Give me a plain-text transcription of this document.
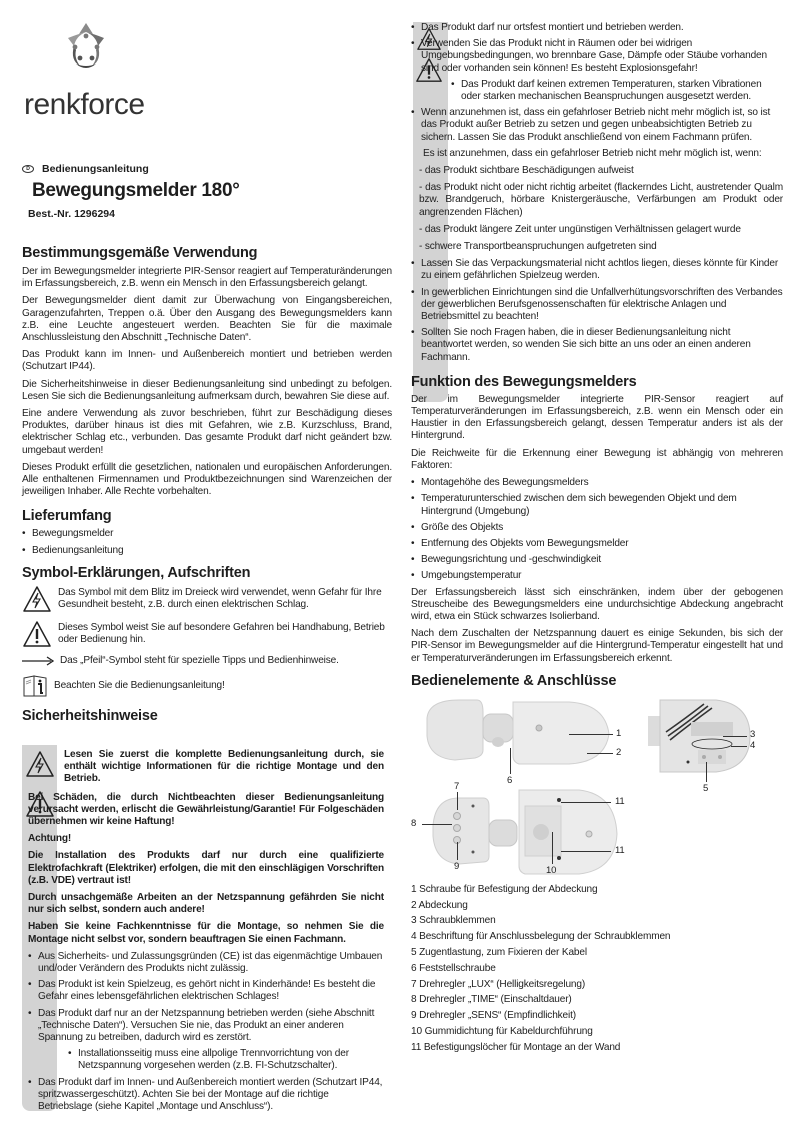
renkforce
D	Bedienungsanleitung
Bewegungsmelder 180°
Best.-Nr. 1296294
Bestimmungsgemäße Verwendung
Der im Bewegungsmelder integrierte PIR-Sensor reagiert auf Temperaturänderungen im Erfassungsbereich, z.B. wenn ein Mensch in den Erfassungsbereich gelangt.
Der Bewegungsmelder dient damit zur Überwachung von Eingangsbereichen, Garagenzufahrten, Treppen o.ä. Über den Ausgang des Bewegungsmelders kann z.B. eine Leuchte angesteuert werden. Beachten Sie für die maximale Anschlussleistung den Abschnitt „Technische Daten“.
Das Produkt kann im Innen- und Außenbereich montiert und betrieben werden (Schutzart IP44).
Die Sicherheitshinweise in dieser Bedienungsanleitung sind unbedingt zu befolgen. Lesen Sie sich die Bedienungsanleitung aufmerksam durch, bewahren Sie diese auf.
Eine andere Verwendung als zuvor beschrieben, führt zur Beschädigung dieses Produktes, darüber hinaus ist dies mit Gefahren, wie z.B. Kurzschluss, Brand, elektrischer Schlag etc., verbunden. Das gesamte Produkt darf nicht geändert bzw. umgebaut werden!
Dieses Produkt erfüllt die gesetzlichen, nationalen und europäischen Anforderungen. Alle enthaltenen Firmennamen und Produktbezeichnungen sind Warenzeichen der jeweiligen Inhaber. Alle Rechte vorbehalten.
Lieferumfang
• Bewegungsmelder
• Bedienungsanleitung
Symbol-Erklärungen, Aufschriften
Das Symbol mit dem Blitz im Dreieck wird verwendet, wenn Gefahr für Ihre Gesundheit besteht, z.B. durch einen elektrischen Schlag.
Dieses Symbol weist Sie auf besondere Gefahren bei Handhabung, Betrieb oder Bedienung hin.
Das „Pfeil“-Symbol steht für spezielle Tipps und Bedienhinweise.
Beachten Sie die Bedienungsanleitung!
Sicherheitshinweise
Lesen Sie zuerst die komplette Bedienungsanleitung durch, sie enthält wichtige Informationen für die richtige Montage und den Betrieb.
Bei Schäden, die durch Nichtbeachten dieser Bedienungsanleitung verursacht werden, erlischt die Gewährleistung/Garantie! Für Folgeschäden übernehmen wir keine Haftung!
Achtung!
Die Installation des Produkts darf nur durch eine qualifizierte Elektrofachkraft (Elektriker) erfolgen, die mit den einschlägigen Vorschriften (z.B. VDE) vertraut ist!
Durch unsachgemäße Arbeiten an der Netzspannung gefährden Sie nicht nur sich selbst, sondern auch andere!
Haben Sie keine Fachkenntnisse für die Montage, so nehmen Sie die Montage nicht selbst vor, sondern beauftragen Sie einen Fachmann.
• Aus Sicherheits- und Zulassungsgründen (CE) ist das eigenmächtige Umbauen und/oder Verändern des Produkts nicht zulässig.
• Das Produkt ist kein Spielzeug, es gehört nicht in Kinderhände! Es besteht die Gefahr eines lebensgefährlichen elektrischen Schlages!
• Das Produkt darf nur an der Netzspannung betrieben werden (siehe Abschnitt „Technische Daten“). Versuchen Sie nie, das Produkt an einer anderen Spannung zu betreiben, dadurch wird es zerstört.
• Installationsseitig muss eine allpolige Trennvorrichtung von der Netzspannung vorgesehen werden (z.B. FI-Schutzschalter).
• Das Produkt darf im Innen- und Außenbereich montiert werden (Schutzart IP44, spritzwassergeschützt). Achten Sie bei der Montage auf die richtige Betriebslage (siehe Kapitel „Montage und Anschluss“).
• Das Produkt darf nur ortsfest montiert und betrieben werden.
• Verwenden Sie das Produkt nicht in Räumen oder bei widrigen Umgebungsbedingungen, wo brennbare Gase, Dämpfe oder Stäube vorhanden sind oder vorhanden sein können! Es besteht Explosionsgefahr!
• Das Produkt darf keinen extremen Temperaturen, starken Vibrationen oder starken mechanischen Beanspruchungen ausgesetzt werden.
• Wenn anzunehmen ist, dass ein gefahrloser Betrieb nicht mehr möglich ist, so ist das Produkt außer Betrieb zu setzen und gegen unbeabsichtigten Betrieb zu sichern. Lassen Sie das Produkt anschließend von einem Fachmann prüfen.
Es ist anzunehmen, dass ein gefahrloser Betrieb nicht mehr möglich ist, wenn:
- das Produkt sichtbare Beschädigungen aufweist
- das Produkt nicht oder nicht richtig arbeitet (flackerndes Licht, austretender Qualm bzw. Brandgeruch, hörbare Knistergeräusche, Verfärbungen am Produkt oder angrenzenden Flächen)
- das Produkt längere Zeit unter ungünstigen Verhältnissen gelagert wurde
- schwere Transportbeanspruchungen aufgetreten sind
• Lassen Sie das Verpackungsmaterial nicht achtlos liegen, dieses könnte für Kinder zu einem gefährlichen Spielzeug werden.
• In gewerblichen Einrichtungen sind die Unfallverhütungsvorschriften des Verbandes der gewerblichen Berufsgenossenschaften für elektrische Anlagen und Betriebsmittel zu beachten!
• Sollten Sie noch Fragen haben, die in dieser Bedienungsanleitung nicht beantwortet werden, so wenden Sie sich bitte an uns oder an einen anderen Fachmann.
Funktion des Bewegungsmelders
Der im Bewegungsmelder integrierte PIR-Sensor reagiert auf Temperaturveränderungen im Erfassungsbereich, z.B. wenn ein Mensch oder ein Haustier in den Erfassungsbereich gelangt, dessen Temperatur anders ist als der Hintergrund.
Die Reichweite für die Erkennung einer Bewegung ist abhängig von mehreren Faktoren:
• Montagehöhe des Bewegungsmelders
• Temperaturunterschied zwischen dem sich bewegenden Objekt und dem Hintergrund (Umgebung)
• Größe des Objekts
• Entfernung des Objekts vom Bewegungsmelder
• Bewegungsrichtung und -geschwindigkeit
• Umgebungstemperatur
Der Erfassungsbereich lässt sich einschränken, indem über der gebogenen Streuscheibe des Bewegungsmelders eine undurchsichtige Abdeckung angebracht wird, etwa ein Stück schwarzes Isolierband.
Nach dem Zuschalten der Netzspannung dauert es einige Sekunden, bis sich der PIR-Sensor im Bewegungsmelder auf die Hintergrund-Temperatur eingestellt hat und er Temperaturveränderungen im Erfassungsbereich erkennt.
Bedienelemente & Anschlüsse
1
2
3
4
5
6
7
8
9	10
11
11
1 Schraube für Befestigung der Abdeckung
2 Abdeckung
3 Schraubklemmen
4 Beschriftung für Anschlussbelegung der Schraubklemmen
5 Zugentlastung, zum Fixieren der Kabel
6 Feststellschraube
7 Drehregler „LUX“ (Helligkeitsregelung)
8 Drehregler „TIME“ (Einschaltdauer)
9 Drehregler „SENS“ (Empfindlichkeit)
10 Gummidichtung für Kabeldurchführung
11 Befestigungslöcher für Montage an der Wand
